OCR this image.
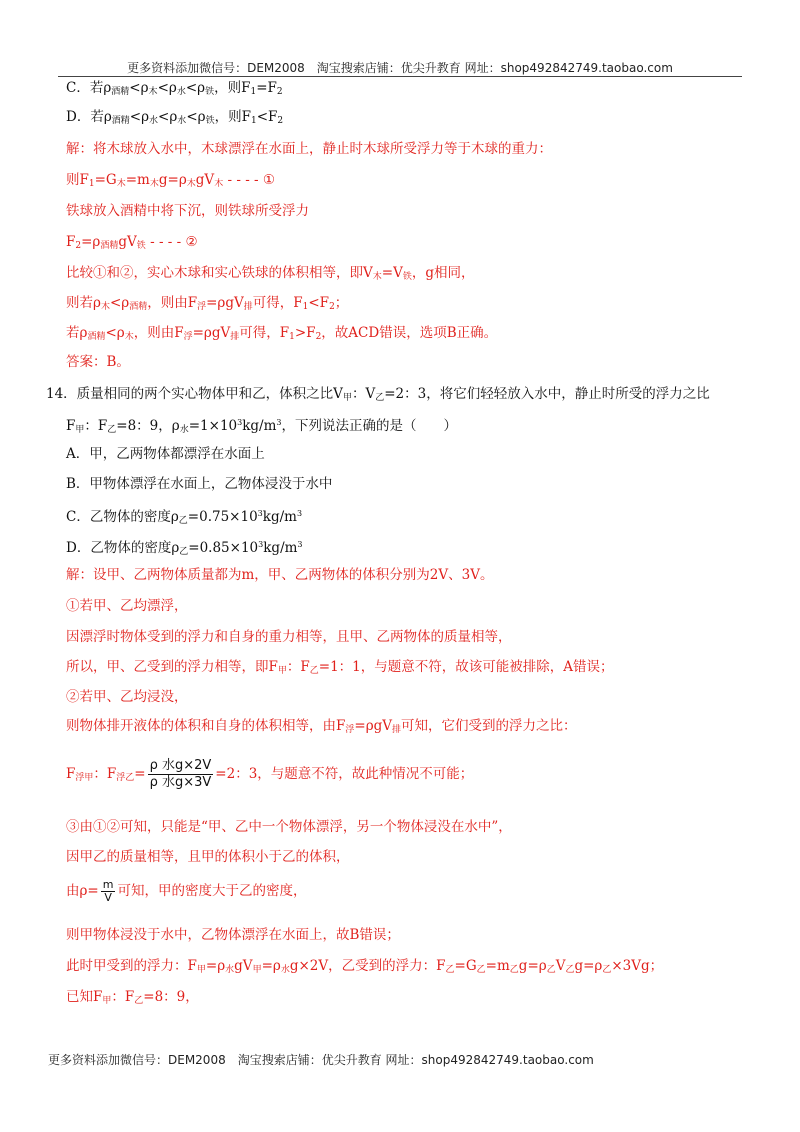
更多资料添加微信号：DEM2008　淘宝搜索店铺：优尖升教育 网址：shop492842749.taobao.com
C．若$\rho_{酒精}<\rho_木<\rho_水<\rho_铁$，则$F_1=F_2$
D．若$\rho_{酒精}<\rho_水<\rho_水<\rho_铁$，则$F_1<F_2$
解：将木球放入水中，木球漂浮在水面上，静止时木球所受浮力等于木球的重力：
则$F_1=G_木=m_木g=\rho_木gV_木$ - - - - ①
铁球放入酒精中将下沉，则铁球所受浮力
$F_2=\rho_{酒精}gV_铁$ - - - - ②
比较①和②，实心木球和实心铁球的体积相等，即$V_木=V_铁$，g相同，
则若$\rho_木<\rho_{酒精}$，则由$F_浮=\rho gV_排$可得，$F_1<F_2$；
若$\rho_{酒精}<\rho_木$，则由$F_浮=\rho gV_排$可得，$F_1>F_2$，故ACD错误，选项B正确。
答案：B。
14．质量相同的两个实心物体甲和乙，体积之比$V_甲$：$V_乙=2$：3，将它们轻轻放入水中，静止时所受的浮力之比
$F_甲$：$F_乙=8$：9，$\rho_水=1\times 10^3kg/m^3$，下列说法正确的是（　　）
A．甲，乙两物体都漂浮在水面上
B．甲物体漂浮在水面上，乙物体浸没于水中
C．乙物体的密度$\rho_乙=0.75\times 10^3kg/m^3$
D．乙物体的密度$\rho_乙=0.85\times 10^3kg/m^3$
解：设甲、乙两物体质量都为m，甲、乙两物体的体积分别为2V、3V。
①若甲、乙均漂浮，
因漂浮时物体受到的浮力和自身的重力相等，且甲、乙两物体的质量相等，
所以，甲、乙受到的浮力相等，即$F_甲$：$F_乙=1$：1，与题意不符，故该可能被排除，A错误；
②若甲、乙均浸没，
则物体排开液体的体积和自身的体积相等，由$F_浮=\rho gV_排$可知，它们受到的浮力之比：
$F_{浮甲}$：$F_{浮乙}= \frac{\text{ρ 水g×2V}}{\text{ρ 水g×3V}} =2$：3，与题意不符，故此种情况不可能；
③由①②可知，只能是“甲、乙中一个物体漂浮，另一个物体浸没在水中”，
因甲乙的质量相等，且甲的体积小于乙的体积，
由$\rho= \frac{m}{V}$ 可知，甲的密度大于乙的密度，
则甲物体浸没于水中，乙物体漂浮在水面上，故B错误；
此时甲受到的浮力：$F_甲=\rho_水gV_甲=\rho_水g\times 2V$，乙受到的浮力：$F_乙=G_乙=m_乙g=\rho_乙V_乙g=\rho_乙\times 3Vg$；
已知$F_甲$：$F_乙=8$：9，
更多资料添加微信号：DEM2008　淘宝搜索店铺：优尖升教育 网址：shop492842749.taobao.com
